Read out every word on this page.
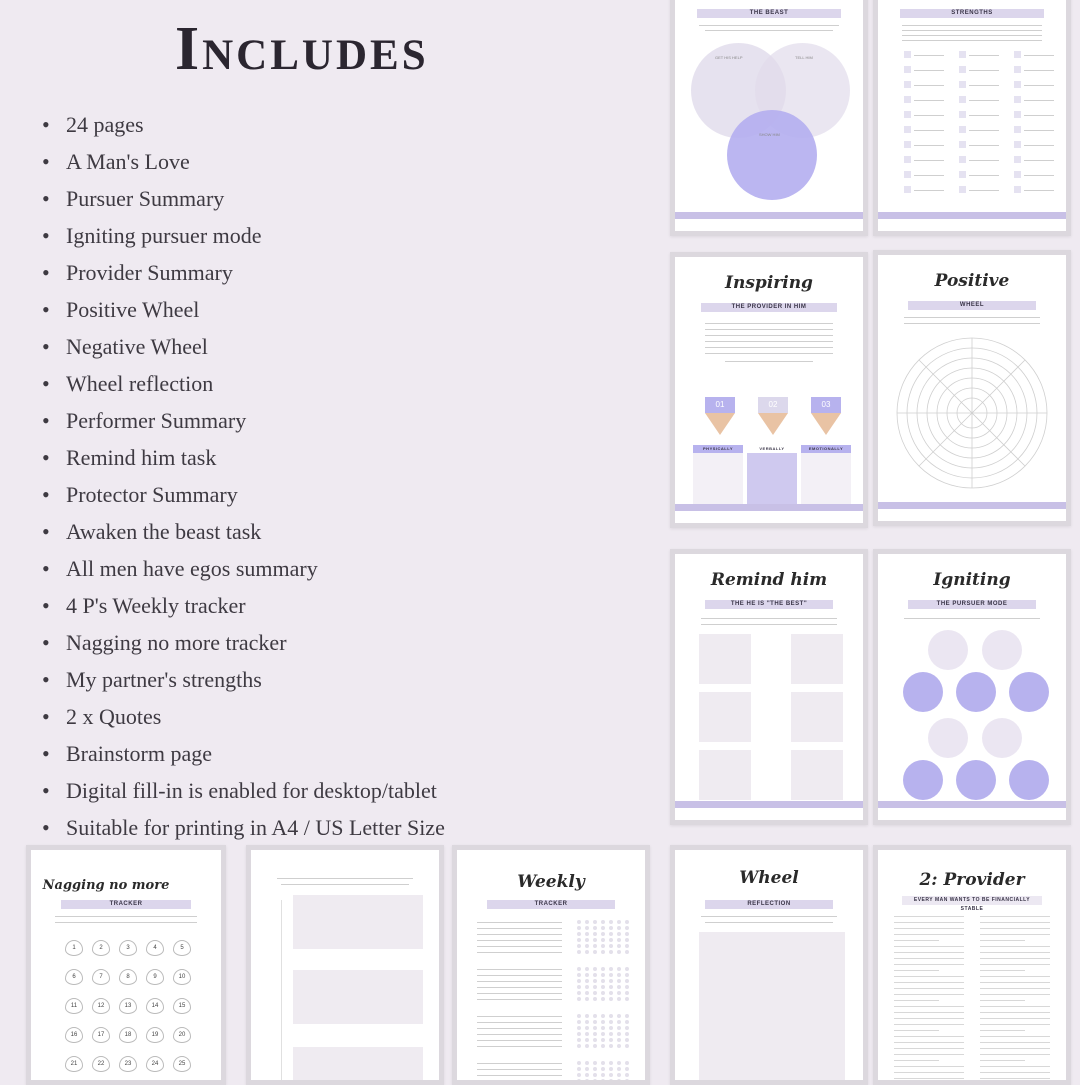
Includes
• 24 pages
• A Man's Love
• Pursuer Summary
• Igniting pursuer mode
• Provider Summary
• Positive Wheel
• Negative Wheel
• Wheel reflection
• Performer Summary
• Remind him task
• Protector Summary
• Awaken the beast task
• All men have egos summary
• 4 P's Weekly tracker
• Nagging no more tracker
• My partner's strengths
• 2 x Quotes
• Brainstorm page
• Digital fill-in is enabled for desktop/tablet
• Suitable for printing in A4 / US Letter Size
THE BEAST
GET HIS HELP	TELL HIM
SHOW HIM
STRENGTHS
Inspiring
THE PROVIDER IN HIM
01	02	03
PHYSICALLY	VERBALLY	EMOTIONALLY
Positive
WHEEL
Remind him
THE HE IS "THE BEST"
Igniting
THE PURSUER MODE
Nagging no more
TRACKER
1	2	3	4	5
6	7	8	9	10
11	12	13	14	15
16	17	18	19	20
21	22	23	24	25
Weekly
TRACKER
Wheel
REFLECTION
2: Provider
EVERY MAN WANTS TO BE FINANCIALLY STABLE
